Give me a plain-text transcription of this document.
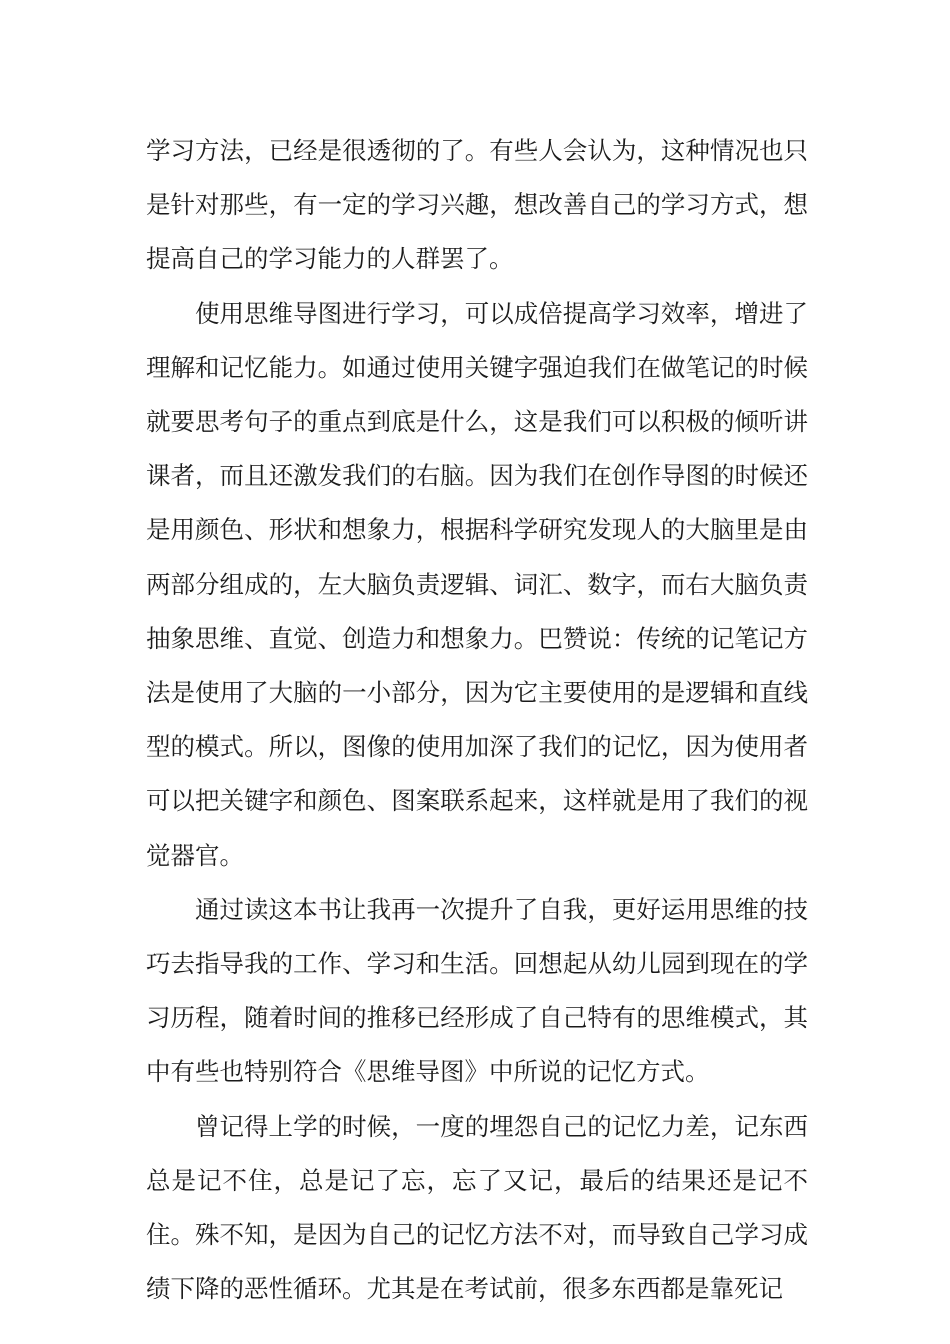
学习方法，已经是很透彻的了。有些人会认为，这种情况也只是针对那些，有一定的学习兴趣，想改善自己的学习方式，想提高自己的学习能力的人群罢了。

使用思维导图进行学习，可以成倍提高学习效率，增进了理解和记忆能力。如通过使用关键字强迫我们在做笔记的时候就要思考句子的重点到底是什么，这是我们可以积极的倾听讲课者，而且还激发我们的右脑。因为我们在创作导图的时候还是用颜色、形状和想象力，根据科学研究发现人的大脑里是由两部分组成的，左大脑负责逻辑、词汇、数字，而右大脑负责抽象思维、直觉、创造力和想象力。巴赞说：传统的记笔记方法是使用了大脑的一小部分，因为它主要使用的是逻辑和直线型的模式。所以，图像的使用加深了我们的记忆，因为使用者可以把关键字和颜色、图案联系起来，这样就是用了我们的视觉器官。

通过读这本书让我再一次提升了自我，更好运用思维的技巧去指导我的工作、学习和生活。回想起从幼儿园到现在的学习历程，随着时间的推移已经形成了自己特有的思维模式，其中有些也特别符合《思维导图》中所说的记忆方式。

曾记得上学的时候，一度的埋怨自己的记忆力差，记东西总是记不住，总是记了忘，忘了又记，最后的结果还是记不住。殊不知，是因为自己的记忆方法不对，而导致自己学习成绩下降的恶性循环。尤其是在考试前，很多东西都是靠死记
